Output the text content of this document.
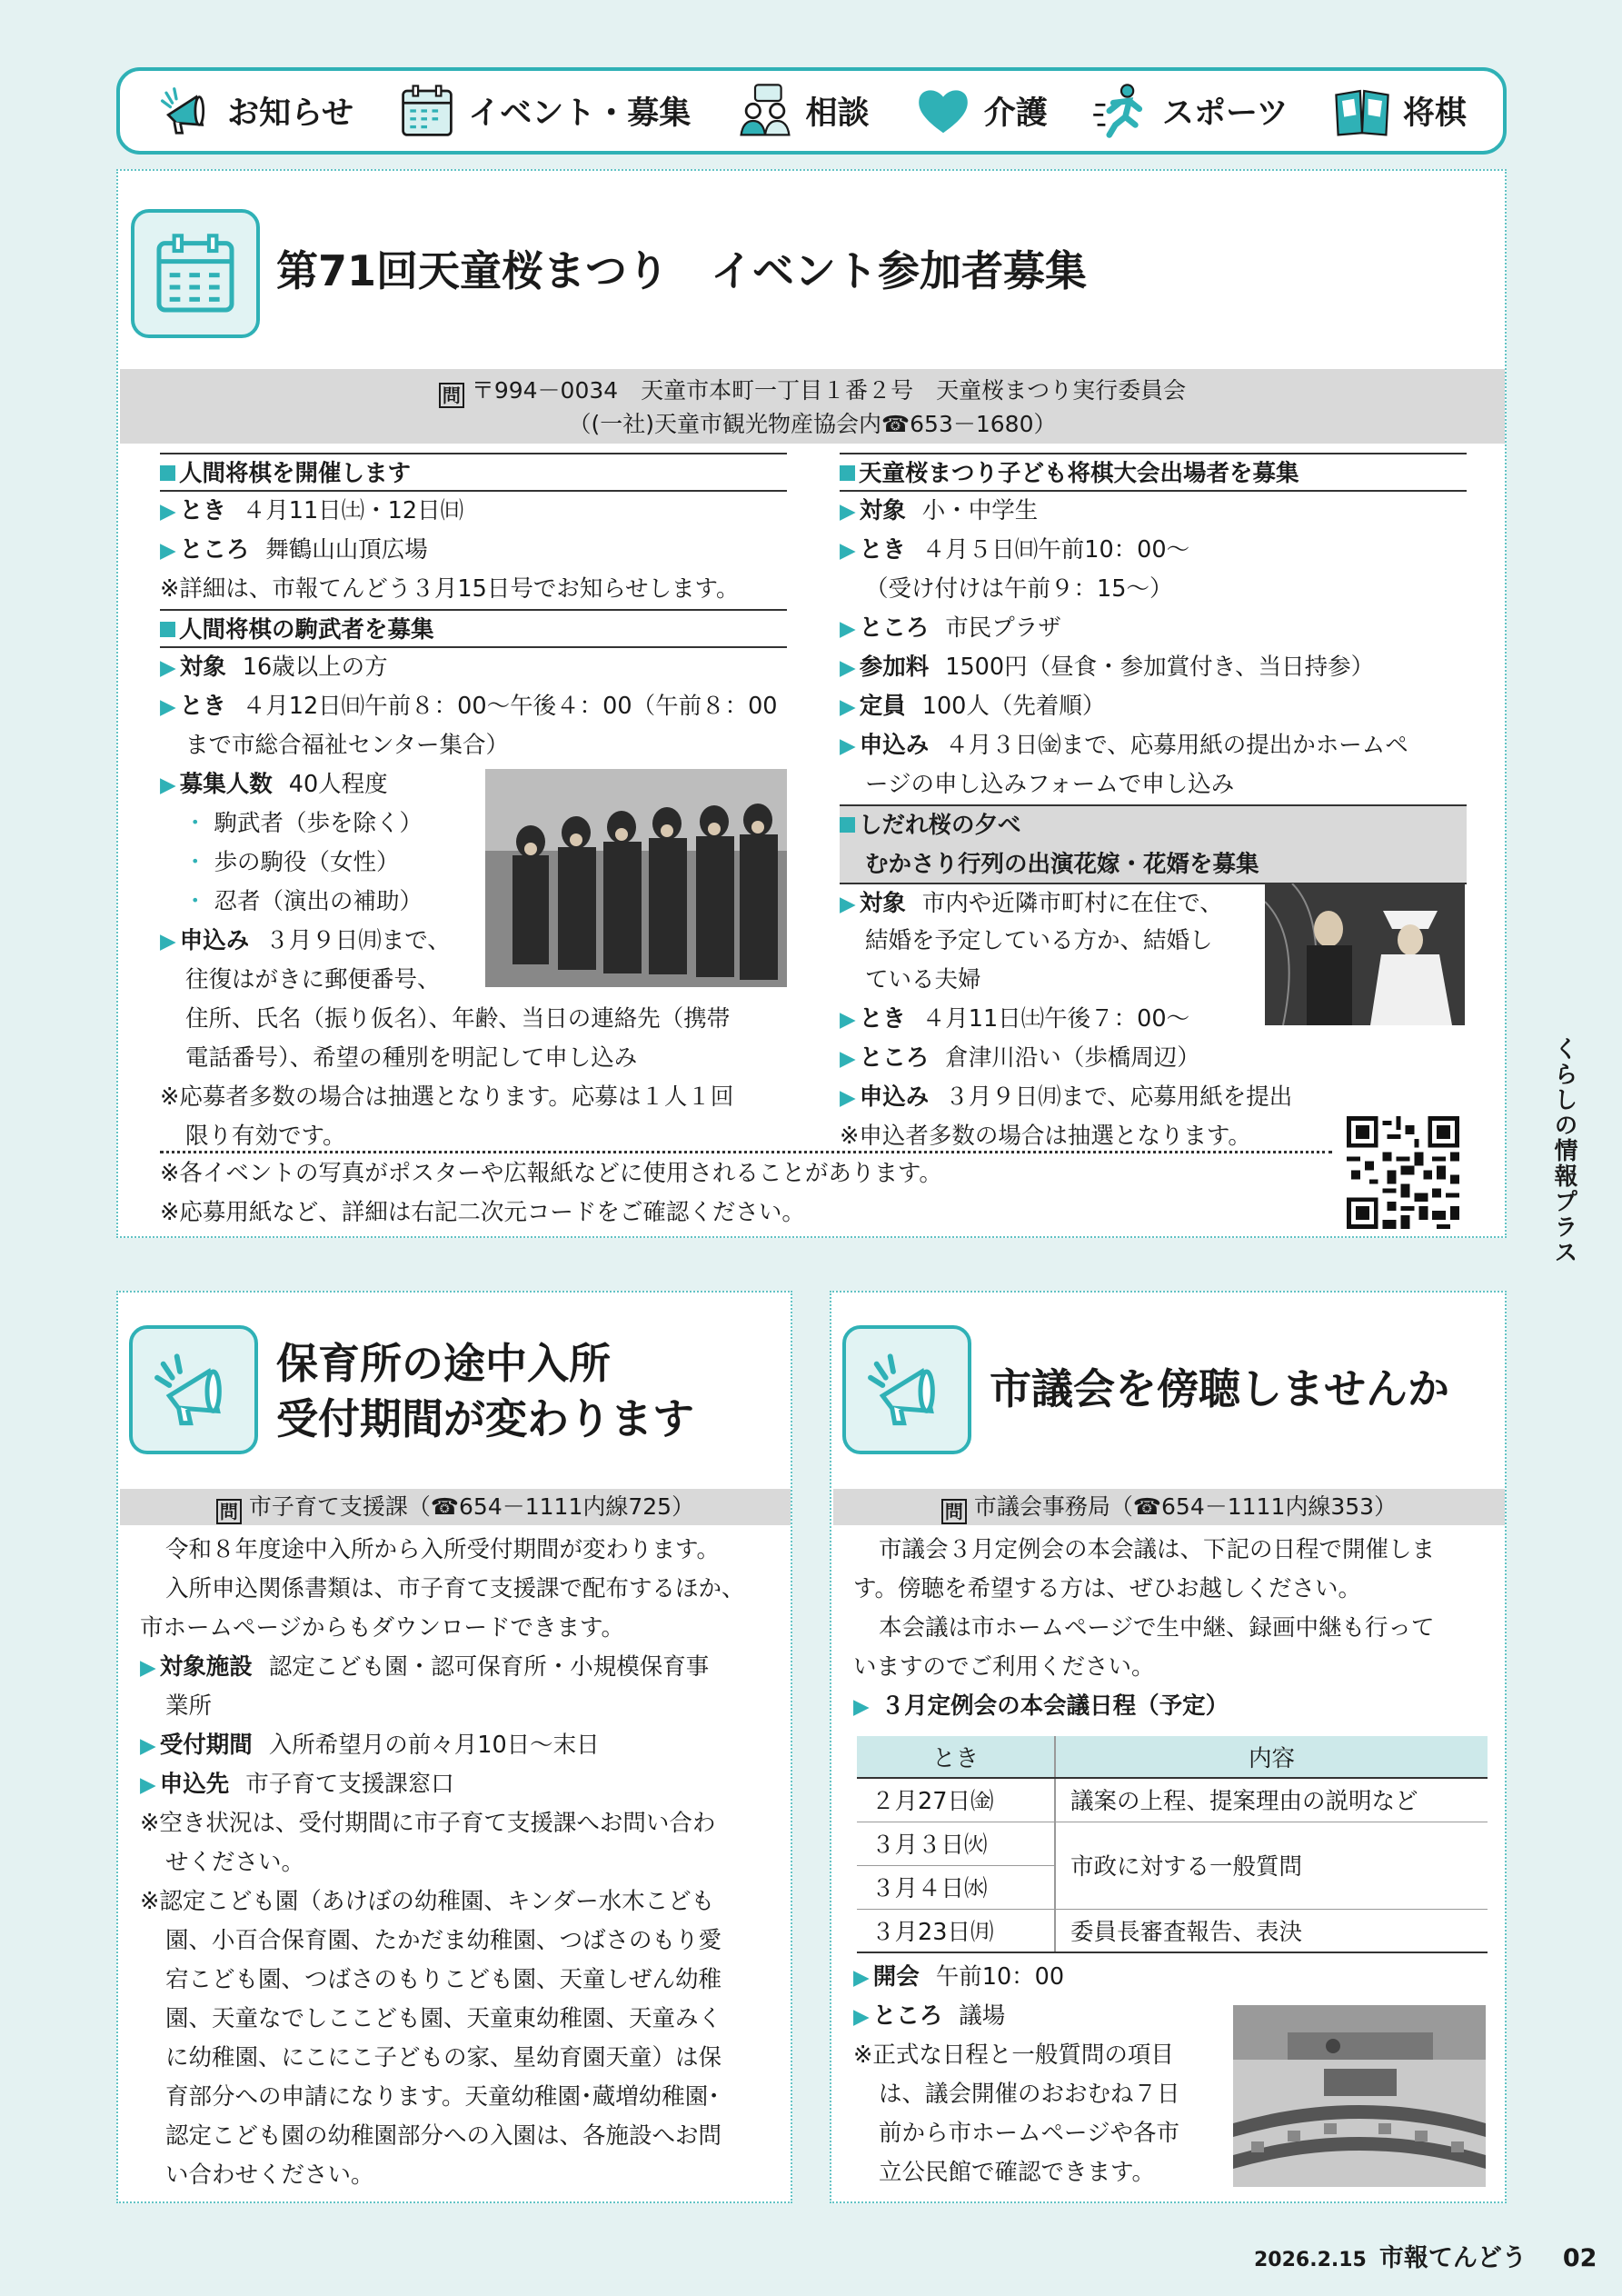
お知らせ	イベント・募集	相談	介護	スポーツ	将棋
第71回天童桜まつり　イベント参加者募集
問 〒994－0034　天童市本町一丁目１番２号　天童桜まつり実行委員会
（(一社)天童市観光物産協会内☎653－1680）
人間将棋を開催します
▶ とき ４月11日㈯・12日㈰
▶ ところ 舞鶴山山頂広場
※詳細は、市報てんどう３月15日号でお知らせします。
人間将棋の駒武者を募集
▶ 対象 16歳以上の方
▶ とき ４月12日㈰午前８：00～午後４：00（午前８：00
まで市総合福祉センター集合）
▶ 募集人数 40人程度
・ 駒武者（歩を除く）
・ 歩の駒役（女性）
・ 忍者（演出の補助）
▶ 申込み ３月９日㈪まで、
往復はがきに郵便番号、
住所、氏名（振り仮名）、年齢、当日の連絡先（携帯
電話番号）、希望の種別を明記して申し込み
※応募者多数の場合は抽選となります。応募は１人１回
限り有効です。
天童桜まつり子ども将棋大会出場者を募集
▶ 対象 小・中学生
▶ とき ４月５日㈰午前10：00～
（受け付けは午前９：15～）
▶ ところ 市民プラザ
▶ 参加料 1500円（昼食・参加賞付き、当日持参）
▶ 定員 100人（先着順）
▶ 申込み ４月３日㈮まで、応募用紙の提出かホームペ
ージの申し込みフォームで申し込み
しだれ桜の夕べ
むかさり行列の出演花嫁・花婿を募集
▶ 対象 市内や近隣市町村に在住で、
結婚を予定している方か、結婚し
ている夫婦
▶ とき ４月11日㈯午後７：00～
▶ ところ 倉津川沿い（歩橋周辺）
▶ 申込み ３月９日㈪まで、応募用紙を提出
※申込者多数の場合は抽選となります。
※各イベントの写真がポスターや広報紙などに使用されることがあります。
※応募用紙など、詳細は右記二次元コードをご確認ください。
保育所の途中入所
受付期間が変わります
問 市子育て支援課（☎654－1111内線725）
令和８年度途中入所から入所受付期間が変わります。
入所申込関係書類は、市子育て支援課で配布するほか、
市ホームページからもダウンロードできます。
▶ 対象施設 認定こども園・認可保育所・小規模保育事
業所
▶ 受付期間 入所希望月の前々月10日～末日
▶ 申込先 市子育て支援課窓口
※空き状況は、受付期間に市子育て支援課へお問い合わ
せください。
※認定こども園（あけぼの幼稚園、キンダー水木こども
園、小百合保育園、たかだま幼稚園、つばさのもり愛
宕こども園、つばさのもりこども園、天童しぜん幼稚
園、天童なでしここども園、天童東幼稚園、天童みく
に幼稚園、にこにこ子どもの家、星幼育園天童）は保
育部分への申請になります。天童幼稚園･蔵増幼稚園･
認定こども園の幼稚園部分への入園は、各施設へお問
い合わせください。
市議会を傍聴しませんか
問 市議会事務局（☎654－1111内線353）
市議会３月定例会の本会議は、下記の日程で開催しま
す。傍聴を希望する方は、ぜひお越しください。
本会議は市ホームページで生中継、録画中継も行って
いますのでご利用ください。
▶ ３月定例会の本会議日程（予定）
とき	内容
２月27日㈮	議案の上程、提案理由の説明など
３月３日㈫	市政に対する一般質問
３月４日㈬	
３月23日㈪	委員長審査報告、表決
▶ 開会 午前10：00
▶ ところ 議場
※正式な日程と一般質問の項目
は、議会開催のおおむね７日
前から市ホームページや各市
立公民館で確認できます。
くらしの情報プラス
2026.2.15 市報てんどう 02
